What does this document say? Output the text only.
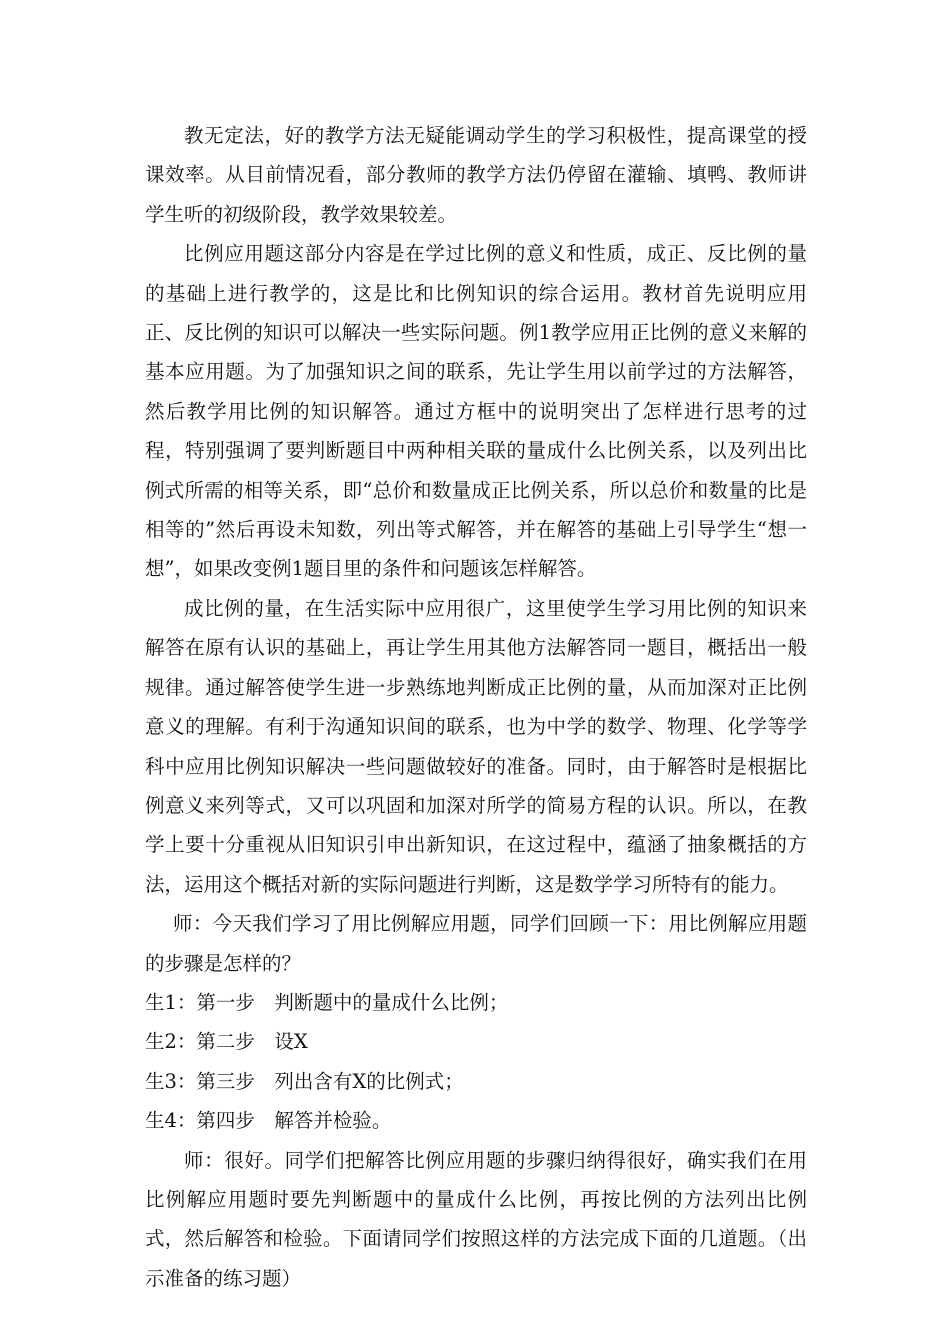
教无定法，好的教学方法无疑能调动学生的学习积极性，提高课堂的授课效率。从目前情况看，部分教师的教学方法仍停留在灌输、填鸭、教师讲学生听的初级阶段，教学效果较差。

比例应用题这部分内容是在学过比例的意义和性质，成正、反比例的量的基础上进行教学的，这是比和比例知识的综合运用。教材首先说明应用正、反比例的知识可以解决一些实际问题。例1教学应用正比例的意义来解的基本应用题。为了加强知识之间的联系，先让学生用以前学过的方法解答，然后教学用比例的知识解答。通过方框中的说明突出了怎样进行思考的过程，特别强调了要判断题目中两种相关联的量成什么比例关系，以及列出比例式所需的相等关系，即“总价和数量成正比例关系，所以总价和数量的比是相等的”然后再设未知数，列出等式解答，并在解答的基础上引导学生“想一想”，如果改变例1题目里的条件和问题该怎样解答。

成比例的量，在生活实际中应用很广，这里使学生学习用比例的知识来解答在原有认识的基础上，再让学生用其他方法解答同一题目，概括出一般规律。通过解答使学生进一步熟练地判断成正比例的量，从而加深对正比例意义的理解。有利于沟通知识间的联系，也为中学的数学、物理、化学等学科中应用比例知识解决一些问题做较好的准备。同时，由于解答时是根据比例意义来列等式，又可以巩固和加深对所学的简易方程的认识。所以，在教学上要十分重视从旧知识引申出新知识，在这过程中，蕴涵了抽象概括的方法，运用这个概括对新的实际问题进行判断，这是数学学习所特有的能力。

师：今天我们学习了用比例解应用题，同学们回顾一下：用比例解应用题的步骤是怎样的？

生1：第一步　判断题中的量成什么比例；

生2：第二步　设X

生3：第三步　列出含有X的比例式；

生4：第四步　解答并检验。

师：很好。同学们把解答比例应用题的步骤归纳得很好，确实我们在用比例解应用题时要先判断题中的量成什么比例，再按比例的方法列出比例式，然后解答和检验。下面请同学们按照这样的方法完成下面的几道题。（出示准备的练习题）
